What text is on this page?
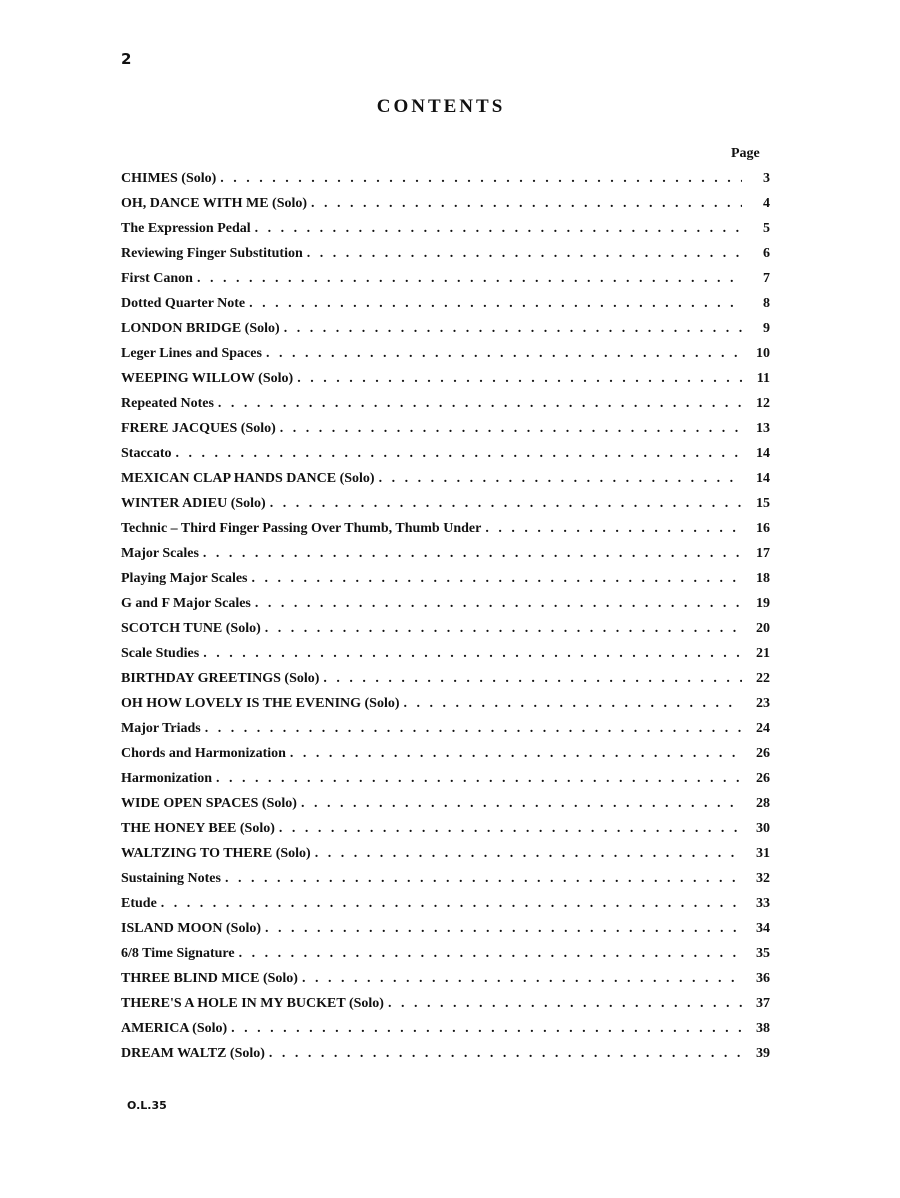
2
CONTENTS
Page
CHIMES (Solo) . . .	3
OH, DANCE WITH ME (Solo) . . .	4
The Expression Pedal . . .	5
Reviewing Finger Substitution . . .	6
First Canon . . .	7
Dotted Quarter Note . . .	8
LONDON BRIDGE (Solo) . . .	9
Leger Lines and Spaces . . .	10
WEEPING WILLOW (Solo) . . .	11
Repeated Notes . . .	12
FRERE JACQUES (Solo) . . .	13
Staccato . . .	14
MEXICAN CLAP HANDS DANCE (Solo) . . .	14
WINTER ADIEU (Solo) . . .	15
Technic – Third Finger Passing Over Thumb, Thumb Under . . .	16
Major Scales . . .	17
Playing Major Scales . . .	18
G and F Major Scales . . .	19
SCOTCH TUNE (Solo) . . .	20
Scale Studies . . .	21
BIRTHDAY GREETINGS (Solo) . . .	22
OH HOW LOVELY IS THE EVENING (Solo) . . .	23
Major Triads . . .	24
Chords and Harmonization . . .	26
Harmonization . . .	26
WIDE OPEN SPACES (Solo) . . .	28
THE HONEY BEE (Solo) . . .	30
WALTZING TO THERE (Solo) . . .	31
Sustaining Notes . . .	32
Etude . . .	33
ISLAND MOON (Solo) . . .	34
6/8 Time Signature . . .	35
THREE BLIND MICE (Solo) . . .	36
THERE'S A HOLE IN MY BUCKET (Solo) . . .	37
AMERICA (Solo) . . .	38
DREAM WALTZ (Solo) . . .	39
O.L.35
